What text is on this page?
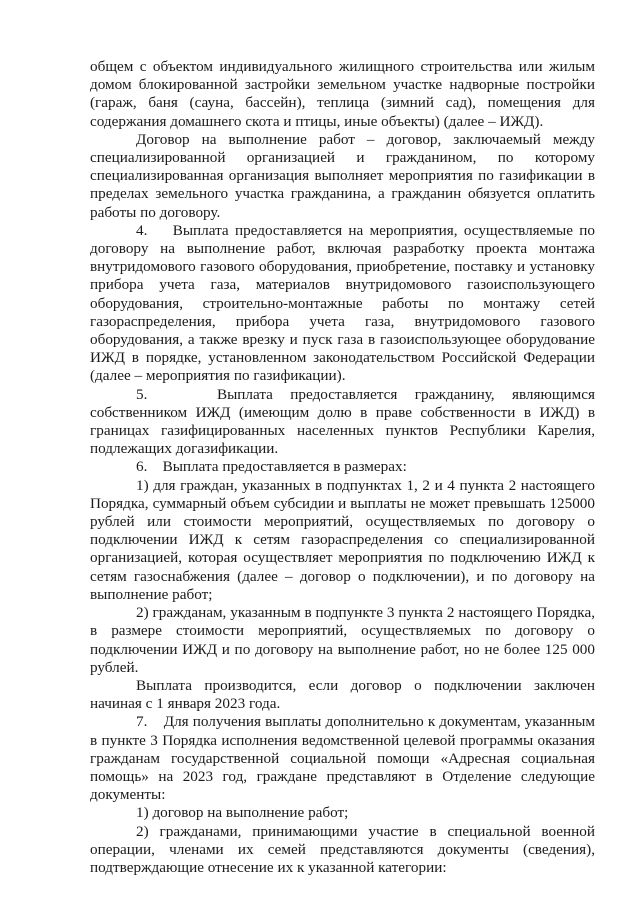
общем с объектом индивидуального жилищного строительства или жилым домом блокированной застройки земельном участке надворные постройки (гараж, баня (сауна, бассейн), теплица (зимний сад), помещения для содержания домашнего скота и птицы, иные объекты) (далее – ИЖД).

Договор на выполнение работ – договор, заключаемый между специализированной организацией и гражданином, по которому специализированная организация выполняет мероприятия по газификации в пределах земельного участка гражданина, а гражданин обязуется оплатить работы по договору.

4.    Выплата предоставляется на мероприятия, осуществляемые по договору на выполнение работ, включая разработку проекта монтажа внутридомового газового оборудования, приобретение, поставку и установку прибора учета газа, материалов внутридомового газоиспользующего оборудования, строительно-монтажные работы по монтажу сетей газораспределения, прибора учета газа, внутридомового газового оборудования, а также врезку и пуск газа в газоиспользующее оборудование ИЖД в порядке, установленном законодательством Российской Федерации (далее – мероприятия по газификации).

5.    Выплата предоставляется гражданину, являющимся собственником ИЖД (имеющим долю в праве собственности в ИЖД) в границах газифицированных населенных пунктов Республики Карелия, подлежащих догазификации.

6.    Выплата предоставляется в размерах:

1) для граждан, указанных в подпунктах 1, 2 и 4 пункта 2 настоящего Порядка, суммарный объем субсидии и выплаты не может превышать 125000 рублей или стоимости мероприятий, осуществляемых по договору о подключении ИЖД к сетям газораспределения со специализированной организацией, которая осуществляет мероприятия по подключению ИЖД к сетям газоснабжения (далее – договор о подключении), и по договору на выполнение работ;

2) гражданам, указанным в подпункте 3 пункта 2 настоящего Порядка, в размере стоимости мероприятий, осуществляемых по договору о подключении ИЖД и по договору на выполнение работ, но не более 125 000 рублей.

Выплата производится, если договор о подключении заключен начиная с 1 января 2023 года.

7.    Для получения выплаты дополнительно к документам, указанным в пункте 3 Порядка исполнения ведомственной целевой программы оказания гражданам государственной социальной помощи «Адресная социальная помощь» на 2023 год, граждане представляют в Отделение следующие документы:

1) договор на выполнение работ;

2) гражданами, принимающими участие в специальной военной операции, членами их семей представляются документы (сведения), подтверждающие отнесение их к указанной категории:
